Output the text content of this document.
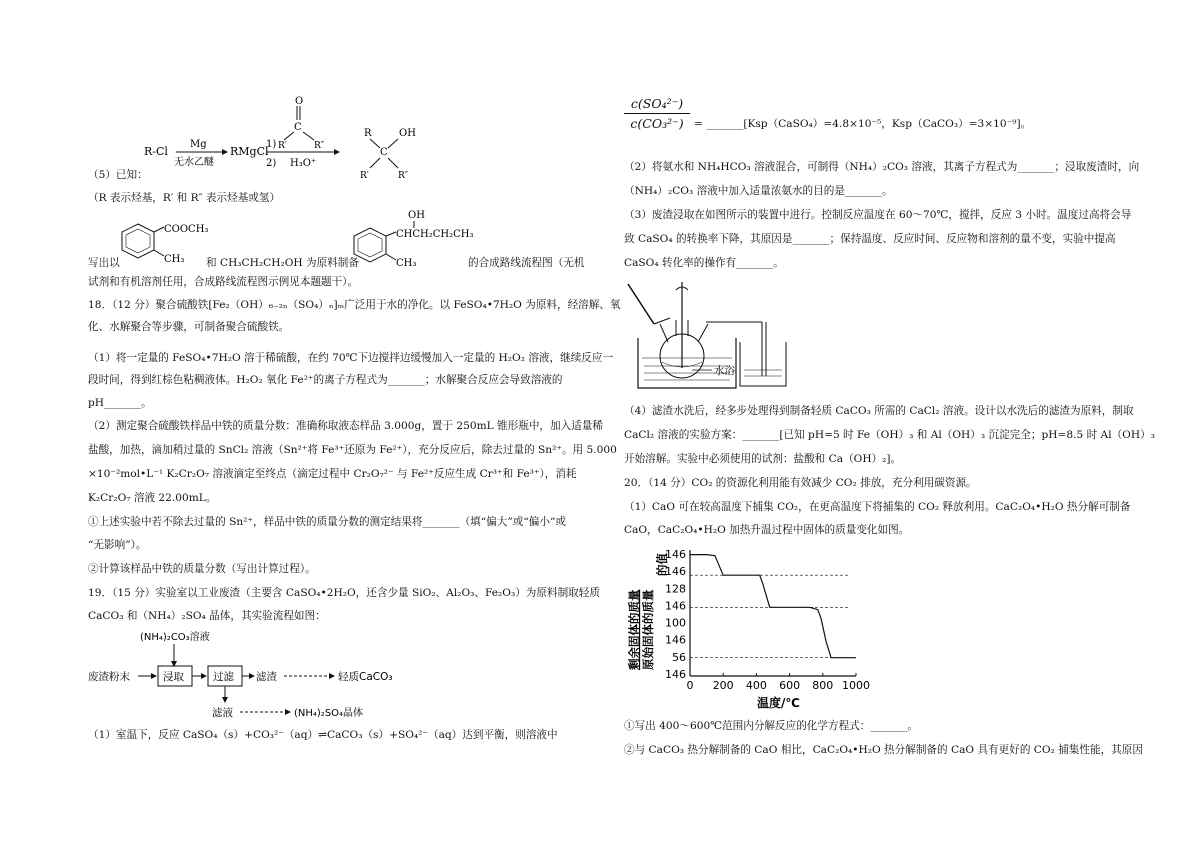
R-Cl
Mg
无水乙醚
RMgCl
1)
2)
O
C
R′	R″
H₃O⁺
R	OH
C
R′	R″
（5）已知：
（R 表示烃基，R′ 和 R″ 表示烃基或氢）
COOCH₃
CH₃
OH
CHCH₂CH₂CH₃
CH₃
写出以	和 CH₃CH₂CH₂OH 为原料制备	的合成路线流程图（无机
试剂和有机溶剂任用，合成路线流程图示例见本题题干）。
18．（12 分）聚合硫酸铁[Fe₂（OH）₆₋₂ₙ（SO₄）ₙ]ₘ广泛用于水的净化。以 FeSO₄•7H₂O 为原料，经溶解、氧
化、水解聚合等步骤，可制备聚合硫酸铁。
（1）将一定量的 FeSO₄•7H₂O 溶于稀硫酸，在约 70℃下边搅拌边缓慢加入一定量的 H₂O₂ 溶液，继续反应一
段时间，得到红棕色粘稠液体。H₂O₂ 氧化 Fe²⁺的离子方程式为_______；水解聚合反应会导致溶液的
pH_______。
（2）测定聚合硫酸铁样品中铁的质量分数：准确称取液态样品 3.000g，置于 250mL 锥形瓶中，加入适量稀
盐酸，加热，滴加稍过量的 SnCl₂ 溶液（Sn²⁺将 Fe³⁺还原为 Fe²⁺），充分反应后，除去过量的 Sn²⁺。用 5.000
×10⁻²mol•L⁻¹ K₂Cr₂O₇ 溶液滴定至终点（滴定过程中 Cr₂O₇²⁻ 与 Fe²⁺反应生成 Cr³⁺和 Fe³⁺），消耗
K₂Cr₂O₇ 溶液 22.00mL。
①上述实验中若不除去过量的 Sn²⁺，样品中铁的质量分数的测定结果将_______（填“偏大”或“偏小”或
“无影响”）。
②计算该样品中铁的质量分数（写出计算过程）。
19．（15 分）实验室以工业废渣（主要含 CaSO₄•2H₂O，还含少量 SiO₂、Al₂O₃、Fe₂O₃）为原料制取轻质
CaCO₃ 和（NH₄）₂SO₄ 晶体，其实验流程如图：
(NH₄)₂CO₃溶液
废渣粉末	浸取	过滤 滤渣	轻质CaCO₃
滤液	(NH₄)₂SO₄晶体
（1）室温下，反应 CaSO₄（s）+CO₃²⁻（aq）⇌CaCO₃（s）+SO₄²⁻（aq）达到平衡，则溶液中
$\frac{\text{c(SO₄²⁻)}}{\text{c(CO₃²⁻)}}$ = _______[Ksp（CaSO₄）=4.8×10⁻⁵，Ksp（CaCO₃）=3×10⁻⁹]。
（2）将氨水和 NH₄HCO₃ 溶液混合，可制得（NH₄）₂CO₃ 溶液，其离子方程式为_______；浸取废渣时，向
（NH₄）₂CO₃ 溶液中加入适量浓氨水的目的是_______。
（3）废渣浸取在如图所示的装置中进行。控制反应温度在 60～70℃，搅拌，反应 3 小时。温度过高将会导
致 CaSO₄ 的转换率下降，其原因是_______；保持温度、反应时间、反应物和溶剂的量不变，实验中提高
CaSO₄ 转化率的操作有_______。
水浴
（4）滤渣水洗后，经多步处理得到制备轻质 CaCO₃ 所需的 CaCl₂ 溶液。设计以水洗后的滤渣为原料，制取
CaCl₂ 溶液的实验方案：_______[已知 pH=5 时 Fe（OH）₃ 和 Al（OH）₃ 沉淀完全；pH=8.5 时 Al（OH）₃
开始溶解。实验中必须使用的试剂：盐酸和 Ca（OH）₂]。
20．（14 分）CO₂ 的资源化利用能有效减少 CO₂ 排放，充分利用碳资源。
（1）CaO 可在较高温度下捕集 CO₂，在更高温度下将捕集的 CO₂ 释放利用。CaC₂O₄•H₂O 热分解可制备
CaO，CaC₂O₄•H₂O 加热升温过程中固体的质量变化如图。
剩余固体的质量 原始固体的质量
的值
146
146
128
146
100
146
56
146
0 200 400 600 800 1000
温度/℃
①写出 400～600℃范围内分解反应的化学方程式：_______。
②与 CaCO₃ 热分解制备的 CaO 相比，CaC₂O₄•H₂O 热分解制备的 CaO 具有更好的 CO₂ 捕集性能，其原因
